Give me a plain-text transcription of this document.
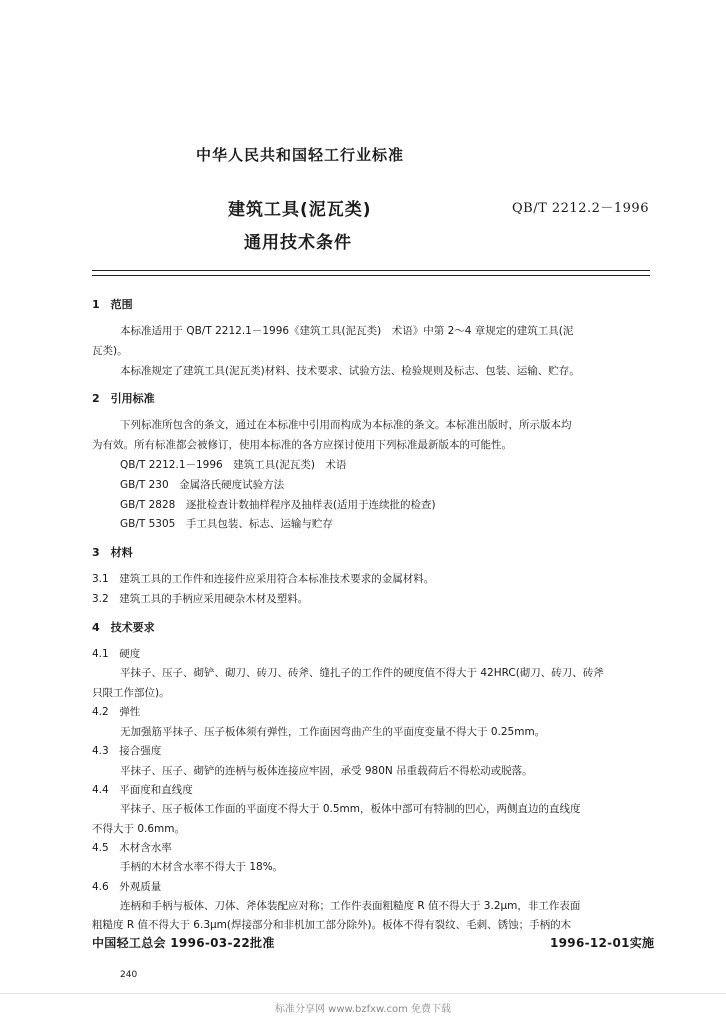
中华人民共和国轻工行业标准
建筑工具(泥瓦类)
通用技术条件
QB/T 2212.2－1996
1　范围
本标准适用于 QB/T 2212.1－1996《建筑工具(泥瓦类)　术语》中第 2～4 章规定的建筑工具(泥
瓦类)。
本标准规定了建筑工具(泥瓦类)材料、技术要求、试验方法、检验规则及标志、包装、运输、贮存。
2　引用标准
下列标准所包含的条文，通过在本标准中引用而构成为本标准的条文。本标准出版时，所示版本均
为有效。所有标准都会被修订，使用本标准的各方应探讨使用下列标准最新版本的可能性。
QB/T 2212.1－1996　建筑工具(泥瓦类)　术语
GB/T 230　金属洛氏硬度试验方法
GB/T 2828　逐批检查计数抽样程序及抽样表(适用于连续批的检查)
GB/T 5305　手工具包装、标志、运输与贮存
3　材料
3.1　建筑工具的工作件和连接件应采用符合本标准技术要求的金属材料。
3.2　建筑工具的手柄应采用硬杂木材及塑料。
4　技术要求
4.1　硬度
平抹子、压子、砌铲、砌刀、砖刀、砖斧、缝扎子的工作件的硬度值不得大于 42HRC(砌刀、砖刀、砖斧
只限工作部位)。
4.2　弹性
无加强筋平抹子、压子板体须有弹性，工作面因弯曲产生的平面度变量不得大于 0.25mm。
4.3　接合强度
平抹子、压子、砌铲的连柄与板体连接应牢固，承受 980N 吊重载荷后不得松动或脱落。
4.4　平面度和直线度
平抹子、压子板体工作面的平面度不得大于 0.5mm，板体中部可有特制的凹心，两侧直边的直线度
不得大于 0.6mm。
4.5　木材含水率
手柄的木材含水率不得大于 18%。
4.6　外观质量
连柄和手柄与板体、刀体、斧体装配应对称；工作件表面粗糙度 R 值不得大于 3.2μm，非工作表面
粗糙度 R 值不得大于 6.3μm(焊接部分和非机加工部分除外)。板体不得有裂纹、毛刺、锈蚀；手柄的木
中国轻工总会 1996-03-22批准	1996-12-01实施
240
标准分享网 www.bzfxw.com 免费下载
